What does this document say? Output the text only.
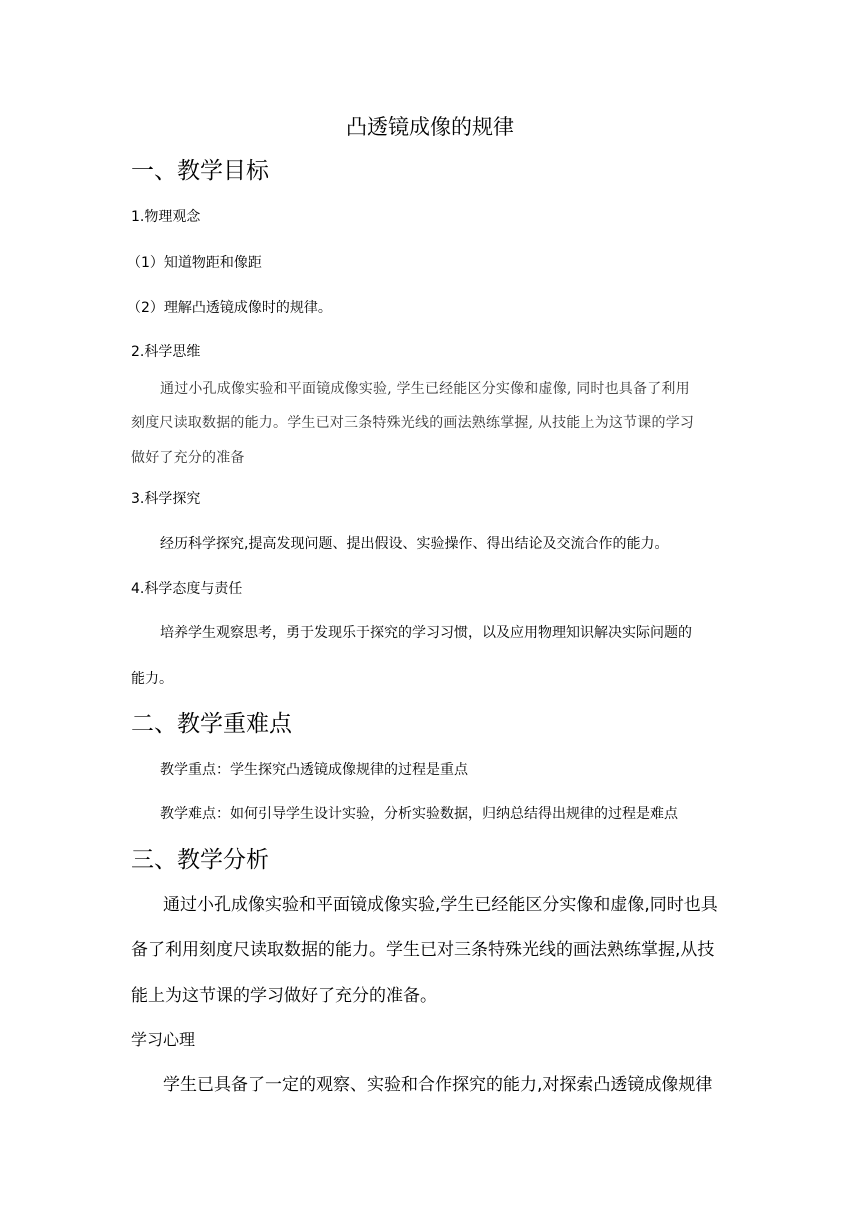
凸透镜成像的规律
一、教学目标
1.物理观念
（1）知道物距和像距
（2）理解凸透镜成像时的规律。
2.科学思维
通过小孔成像实验和平面镜成像实验, 学生已经能区分实像和虚像, 同时也具备了利用
刻度尺读取数据的能力。学生已对三条特殊光线的画法熟练掌握, 从技能上为这节课的学习
做好了充分的准备
3.科学探究
经历科学探究,提高发现问题、提出假设、实验操作、得出结论及交流合作的能力。
4.科学态度与责任
培养学生观察思考，勇于发现乐于探究的学习习惯，以及应用物理知识解决实际问题的
能力。
二、教学重难点
教学重点：学生探究凸透镜成像规律的过程是重点
教学难点：如何引导学生设计实验，分析实验数据，归纳总结得出规律的过程是难点
三、教学分析
通过小孔成像实验和平面镜成像实验,学生已经能区分实像和虚像,同时也具
备了利用刻度尺读取数据的能力。学生已对三条特殊光线的画法熟练掌握,从技
能上为这节课的学习做好了充分的准备。
学习心理
学生已具备了一定的观察、实验和合作探究的能力,对探索凸透镜成像规律
